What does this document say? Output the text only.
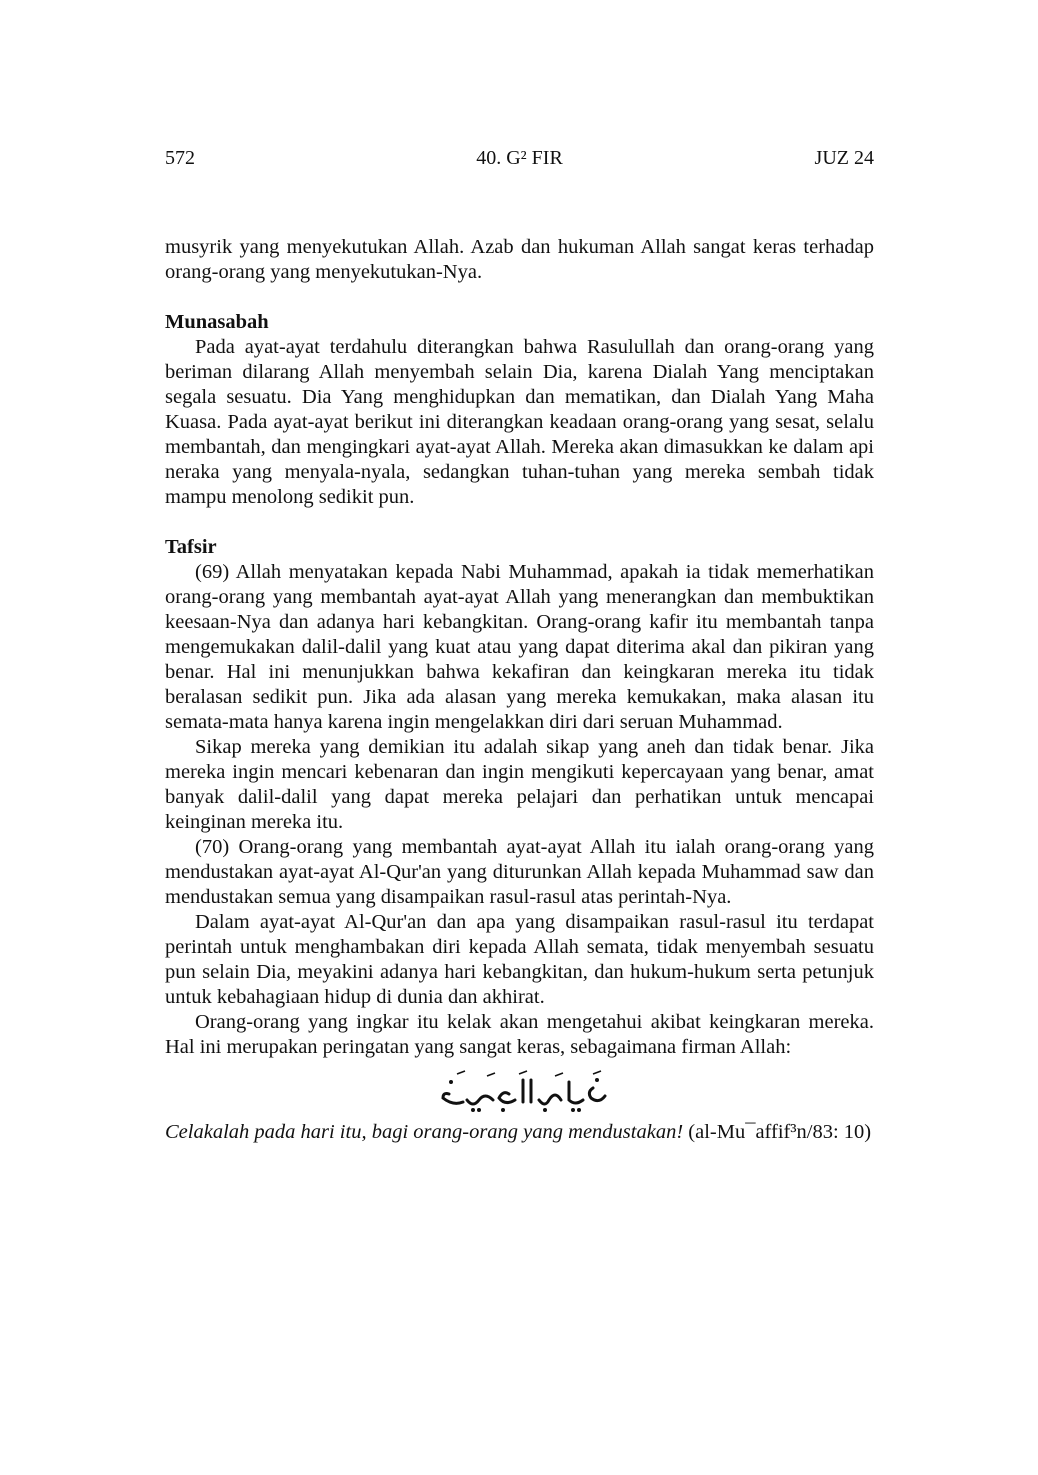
572	40. G² FIR	JUZ 24

musyrik yang menyekutukan Allah. Azab dan hukuman Allah sangat keras terhadap orang-orang yang menyekutukan-Nya.

Munasabah

Pada ayat-ayat terdahulu diterangkan bahwa Rasulullah dan orang-orang yang beriman dilarang Allah menyembah selain Dia, karena Dialah Yang menciptakan segala sesuatu. Dia Yang menghidupkan dan mematikan, dan Dialah Yang Maha Kuasa. Pada ayat-ayat berikut ini diterangkan keadaan orang-orang yang sesat, selalu membantah, dan mengingkari ayat-ayat Allah. Mereka akan dimasukkan ke dalam api neraka yang menyala-nyala, sedangkan tuhan-tuhan yang mereka sembah tidak mampu menolong sedikit pun.

Tafsir

(69) Allah menyatakan kepada Nabi Muhammad, apakah ia tidak memerhatikan orang-orang yang membantah ayat-ayat Allah yang menerangkan dan membuktikan keesaan-Nya dan adanya hari kebangkitan. Orang-orang kafir itu membantah tanpa mengemukakan dalil-dalil yang kuat atau yang dapat diterima akal dan pikiran yang benar. Hal ini menunjukkan bahwa kekafiran dan keingkaran mereka itu tidak beralasan sedikit pun. Jika ada alasan yang mereka kemukakan, maka alasan itu semata-mata hanya karena ingin mengelakkan diri dari seruan Muhammad.

Sikap mereka yang demikian itu adalah sikap yang aneh dan tidak benar. Jika mereka ingin mencari kebenaran dan ingin mengikuti kepercayaan yang benar, amat banyak dalil-dalil yang dapat mereka pelajari dan perhatikan untuk mencapai keinginan mereka itu.

(70) Orang-orang yang membantah ayat-ayat Allah itu ialah orang-orang yang mendustakan ayat-ayat Al-Qur'an yang diturunkan Allah kepada Muhammad saw dan mendustakan semua yang disampaikan rasul-rasul atas perintah-Nya.

Dalam ayat-ayat Al-Qur'an dan apa yang disampaikan rasul-rasul itu terdapat perintah untuk menghambakan diri kepada Allah semata, tidak menyembah sesuatu pun selain Dia, meyakini adanya hari kebangkitan, dan hukum-hukum serta petunjuk untuk kebahagiaan hidup di dunia dan akhirat.

Orang-orang yang ingkar itu kelak akan mengetahui akibat keingkaran mereka. Hal ini merupakan peringatan yang sangat keras, sebagaimana firman Allah:

Celakalah pada hari itu, bagi orang-orang yang mendustakan! (al-Mu¯affif³n/83: 10)
